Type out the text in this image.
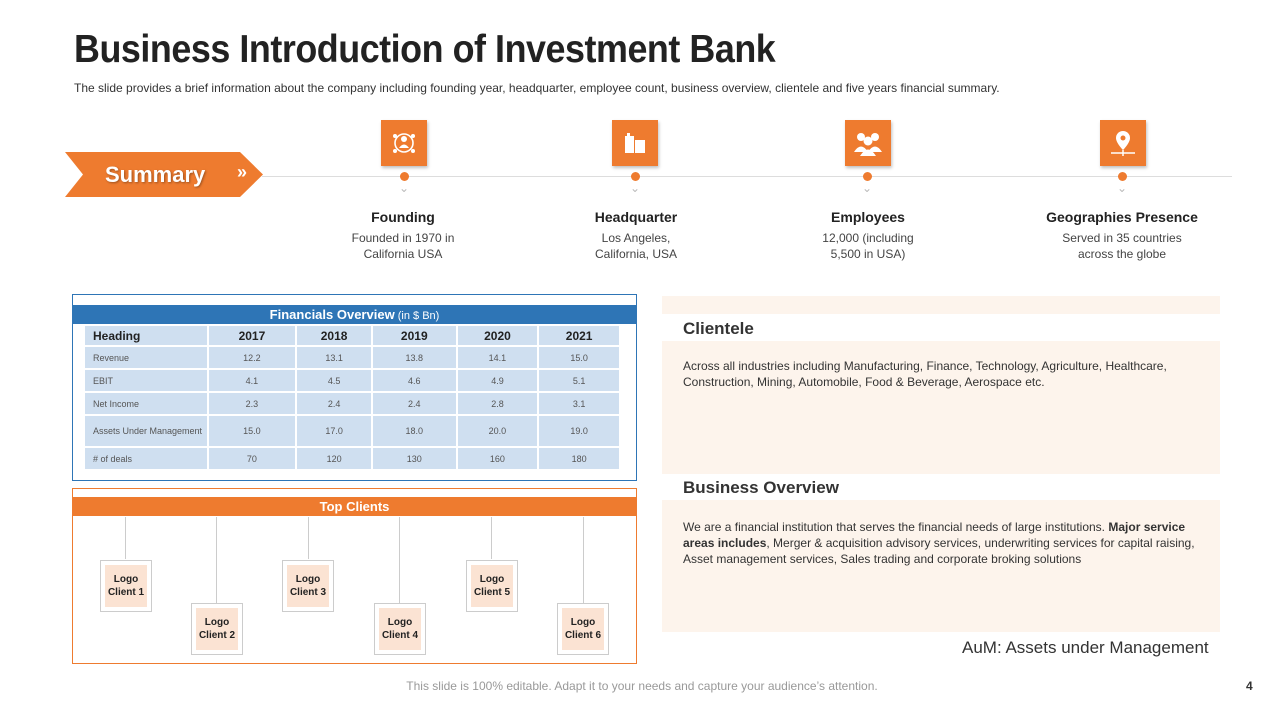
Business Introduction of Investment Bank
The slide provides a brief information about the company including founding year, headquarter, employee count, business overview, clientele and five years financial summary.
Summary »
⌄
Founding
Founded in 1970 in
California USA
⌄
Headquarter
Los Angeles,
California, USA
⌄
Employees
12,000 (including
5,500 in USA)
⌄
Geographies Presence
Served in 35 countries
across the globe
Financials Overview (in $ Bn)
Heading	2017	2018	2019	2020	2021
Revenue	12.2	13.1	13.8	14.1	15.0
EBIT	4.1	4.5	4.6	4.9	5.1
Net Income	2.3	2.4	2.4	2.8	3.1
Assets Under Management	15.0	17.0	18.0	20.0	19.0
# of deals	70	120	130	160	180
Top Clients
Logo
Client 1
Logo
Client 2
Logo
Client 3
Logo
Client 4
Logo
Client 5
Logo
Client 6
Clientele
Across all industries including Manufacturing, Finance, Technology, Agriculture, Healthcare, Construction, Mining, Automobile, Food & Beverage, Aerospace etc.
Business Overview
We are a financial institution that serves the financial needs of large institutions. Major service areas includes, Merger & acquisition advisory services, underwriting services for capital raising, Asset management services, Sales trading and corporate broking solutions
AuM: Assets under Management
This slide is 100% editable. Adapt it to your needs and capture your audience’s attention.	4
